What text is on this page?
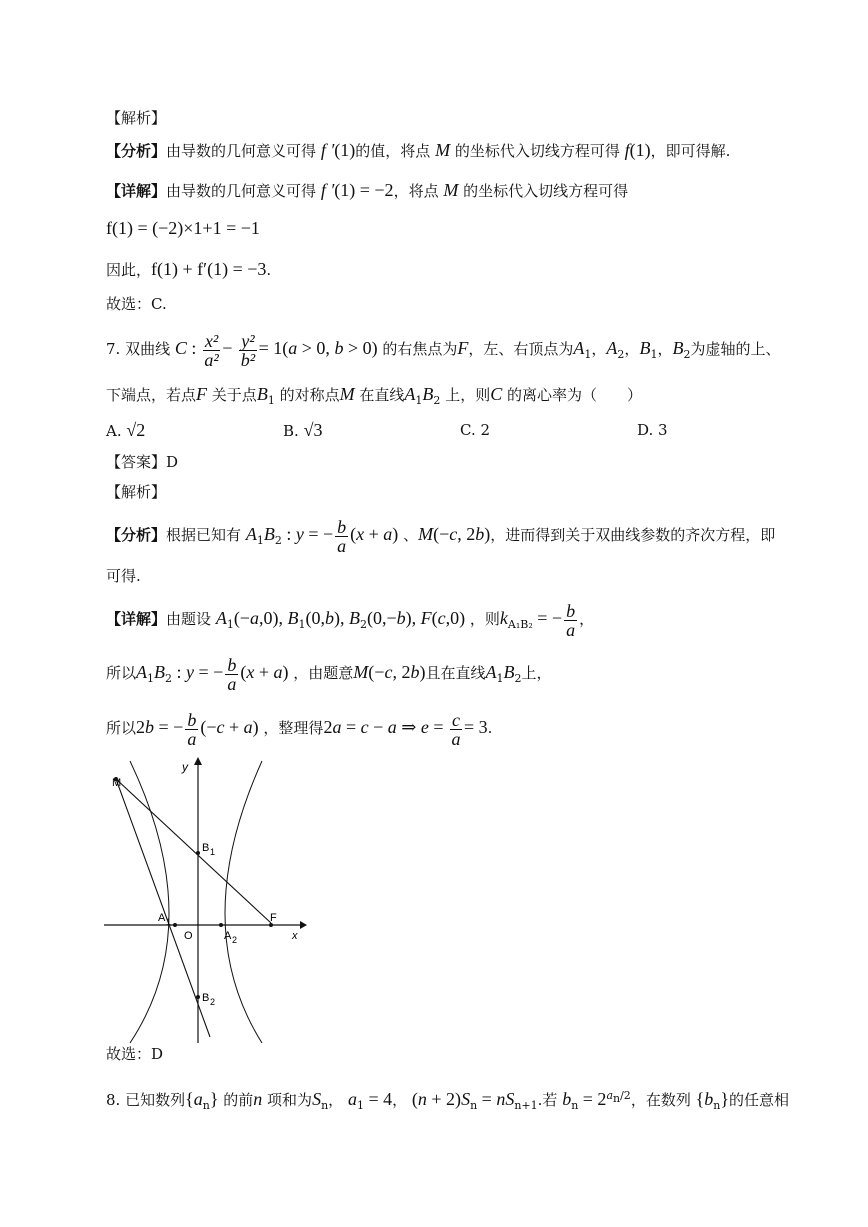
【解析】
【分析】由导数的几何意义可得 f ′(1)的值，将点 M 的坐标代入切线方程可得 f(1)，即可得解.
【详解】由导数的几何意义可得 f ′(1) = −2，将点 M 的坐标代入切线方程可得
f(1) = (−2)×1+1 = −1
因此，f(1) + f′(1) = −3.
故选：C.
7. 双曲线 C : $\frac{\text{x²}}{\text{a²}} - \frac{\text{y²}}{\text{b²}} = 1(a > 0$, b > 0) 的右焦点为F，左、右顶点为$A_1$，$A_2$，$B_1$，$B_2$为虚轴的上、
下端点，若点F 关于点$B_1$ 的对称点M 在直线$A_1B_2$ 上，则C 的离心率为（　　）
A. √2	B. √3	C. 2	D. 3
【答案】D
【解析】
【分析】根据已知有 $A_1B_2$ : y = − $\frac{b}{a} (x + a)$ 、M(−c, 2b)，进而得到关于双曲线参数的齐次方程，即
可得.
【详解】由题设 $A_1(-a,0)$, $B_1(0,b)$, $B_2(0,-b)$, F(c,0) ，则$k_{A_1B_2}$ = − $\frac{b}{a}$ ，
所以$A_1B_2$ : y = − $\frac{b}{a} (x + a)$ ，由题意M(−c, 2b)且在直线$A_1B_2$上，
所以2b = − $\frac{b}{a} (-c + a)$ ，整理得2a = c − a ⇒ $e = \frac{c}{a} = 3$.
y
x
M
B 1
B 2
A 1
A 2
O
F
故选：D
8. 已知数列$\{a_n\}$ 的前n 项和为$S_n$， $a_1 = 4$， $(n + 2)S_n = nS_{n+1}$.若 $b_n = 2^{a_n/2}$，在数列 $\{b_n\}$的任意相
